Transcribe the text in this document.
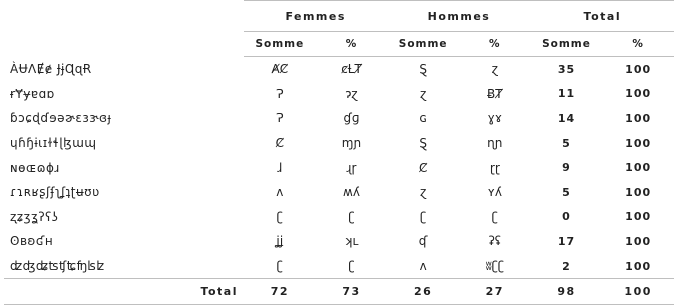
	Femmes		Hommes		Total	
	Somme	%	Somme	%	Somme	%
ÀɄɅɆɇ ɈɉɊɋɌ	ȺȻ	ȼȽȾ	Ȿ	ɀ	35	100
ɍɎɏɐɑɒ	Ɂ	ɂɀ	ɀ	ɃȾ	11	100
ɓɔɕɖɗɘəɚɛɜɝɞɟ	Ɂ	ɠɡ	ɢ	ɣɤ	14	100
ɥɦɧɨɩɪɫɬɭɮɯɰ	Ȼ	ɱɲ	Ȿ	ɳɲ	5	100
ɴɵɶɷɸɹ	ɺ	ɻɼ	Ȼ	ɽɽ	9	100
ɾɿʀʁʂʃʄʅʆʇʈʉʊʋ	ʌ	ʍʎ	ɀ	ʏʎ	5	100
ʐʑʒʓʔʕʖ	ʗ	ʗ	ʗ	ʗ	0	100
ʘʙʚʛʜ	ʝʝ	ʞʟ	ʠ	ʡʢ	17	100
ʣʤʥʦʧʨʩʪʫ	ʗ	ʗ	ʌ	ʬʗʗ	2	100
Total	72	73	26	27	98	100
